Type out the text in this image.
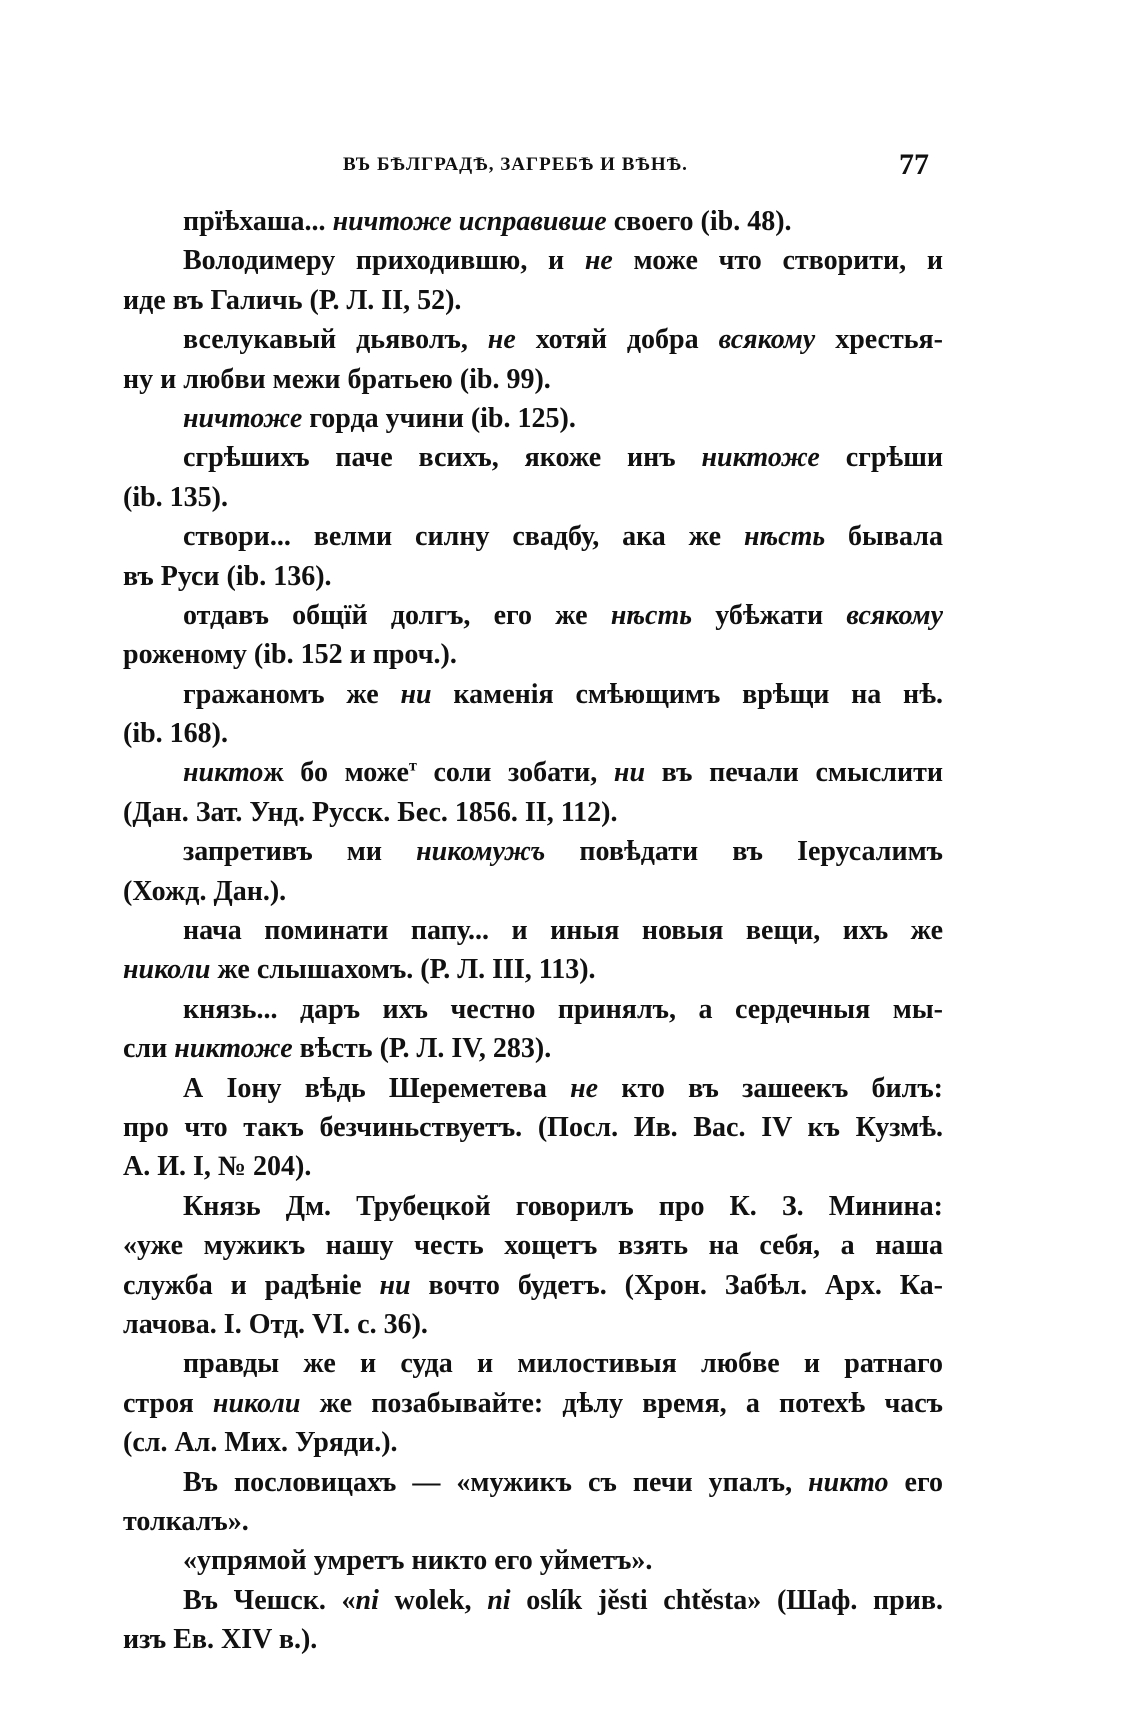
ВЪ БѢЛГРАДѢ, ЗАГРЕБѢ И ВѢНѢ.	77
прїѣхаша... ничтоже исправивше своего (ib. 48).
Володимеру приходившю, и не може что створити, и
иде въ Галичь (Р. Л. II, 52).
вселукавый дьяволъ, не хотяй добра всякому хрестья-
ну и любви межи братьею (ib. 99).
ничтоже горда учини (ib. 125).
сгрѣшихъ паче всихъ, якоже инъ никтоже сгрѣши
(ib. 135).
створи... велми силну свадбу, ака же нѣсть бывала
въ Руси (ib. 136).
отдавъ общїй долгъ, его же нѣсть убѣжати всякому
роженому (ib. 152 и проч.).
гражаномъ же ни каменія смѣющимъ врѣщи на нѣ.
(ib. 168).
никтож бо може$^т$ соли зобати, ни въ печали смыслити
(Дан. Зат. Унд. Русск. Бес. 1856. II, 112).
запретивъ ми никомужъ повѣдати въ Іерусалимъ
(Хожд. Дан.).
нача поминати папу... и иныя новыя вещи, ихъ же
николи же слышахомъ. (Р. Л. III, 113).
князь... даръ ихъ честно принялъ, а сердечныя мы-
сли никтоже вѣсть (Р. Л. IV, 283).
А Іону вѣдь Шереметева не кто въ зашеекъ билъ:
про что такъ безчиньствуетъ. (Посл. Ив. Вас. IV къ Кузмѣ.
А. И. I, № 204).
Князь Дм. Трубецкой говорилъ про К. З. Минина:
«уже мужикъ нашу честь хощетъ взять на себя, а наша
служба и радѣніе ни вочто будетъ. (Хрон. Забѣл. Арх. Ка-
лачова. I. Отд. VI. с. 36).
правды же и суда и милостивыя любве и ратнаго
строя николи же позабывайте: дѣлу время, а потехѣ часъ
(сл. Ал. Мих. Уряди.).
Въ пословицахъ — «мужикъ съ печи упалъ, никто его
толкалъ».
«упрямой умретъ никто его уйметъ».
Въ Чешск. «ni wolek, ni oslík jěsti chtěsta» (Шаф. прив.
изъ Ев. XIV в.).
